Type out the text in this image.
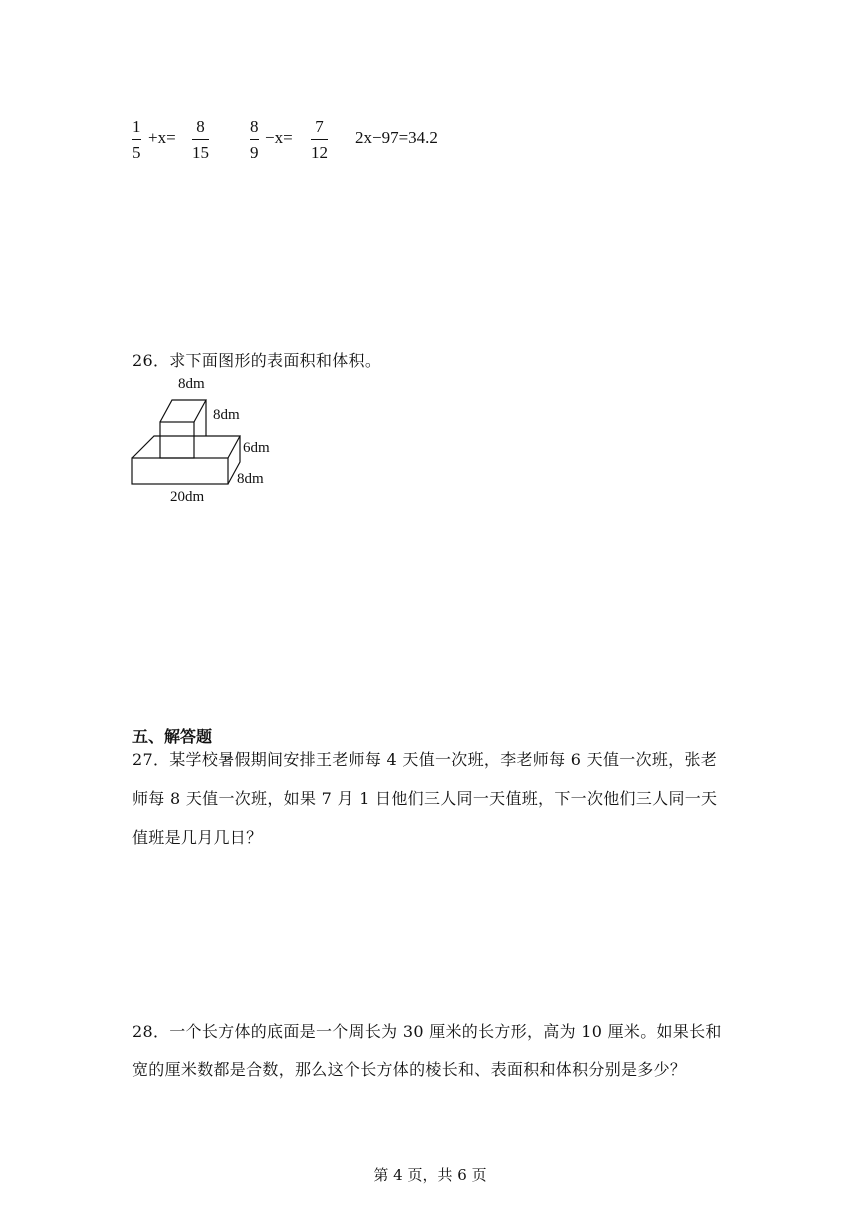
1
5
+x=
8
15
8
9
−x=
7
12
2x−97=34.2
26．求下面图形的表面积和体积。
8dm
8dm
6dm
8dm
20dm
五、解答题
27．某学校暑假期间安排王老师每 4 天值一次班，李老师每 6 天值一次班，张老
师每 8 天值一次班，如果 7 月 1 日他们三人同一天值班，下一次他们三人同一天
值班是几月几日？
28．一个长方体的底面是一个周长为 30 厘米的长方形，高为 10 厘米。如果长和
宽的厘米数都是合数，那么这个长方体的棱长和、表面积和体积分别是多少？
第 4 页，共 6 页
